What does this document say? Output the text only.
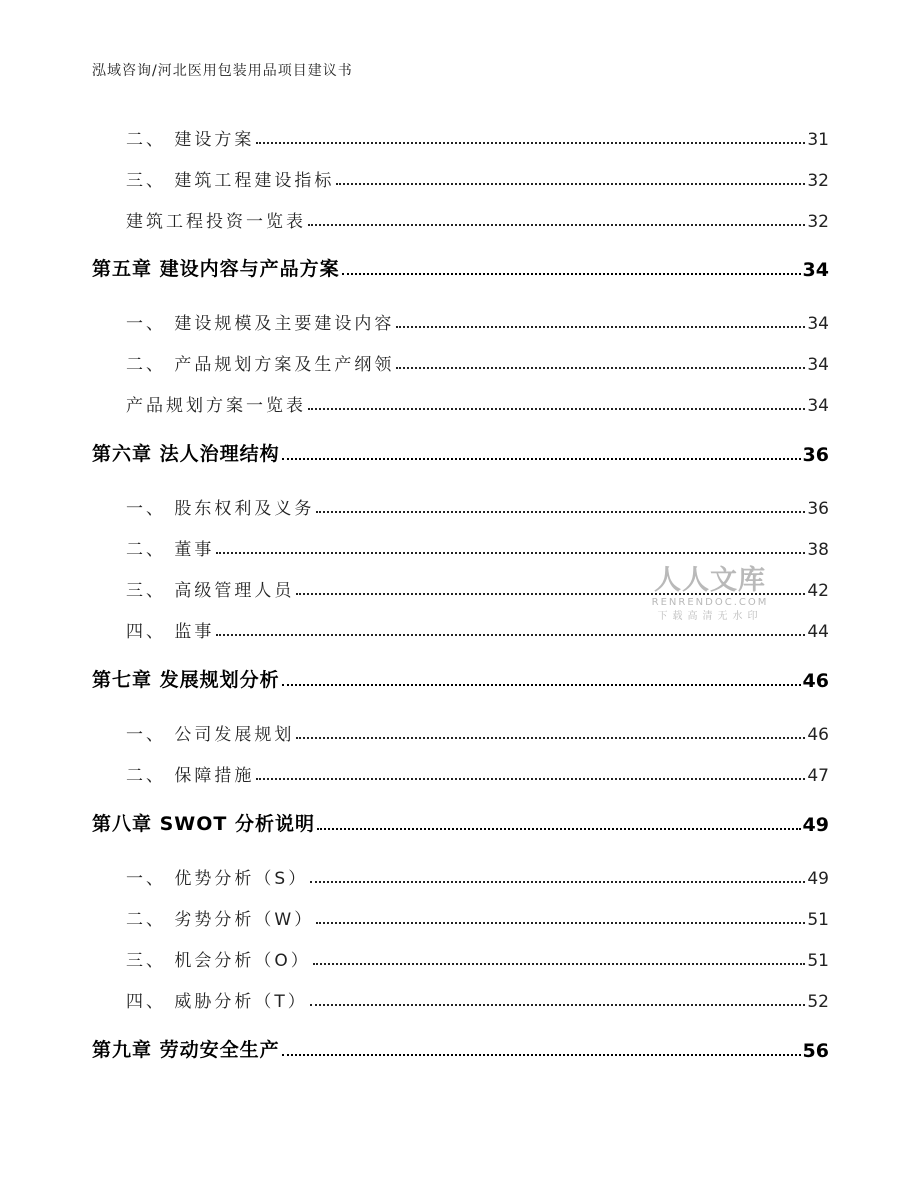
泓域咨询/河北医用包装用品项目建议书
二、 建设方案	31
三、 建筑工程建设指标	32
建筑工程投资一览表	32
第五章 建设内容与产品方案	34
一、 建设规模及主要建设内容	34
二、 产品规划方案及生产纲领	34
产品规划方案一览表	34
第六章 法人治理结构	36
一、 股东权利及义务	36
二、 董事	38
三、 高级管理人员	42
四、 监事	44
第七章 发展规划分析	46
一、 公司发展规划	46
二、 保障措施	47
第八章 SWOT 分析说明	49
一、 优势分析（S）	49
二、 劣势分析（W）	51
三、 机会分析（O）	51
四、 威胁分析（T）	52
第九章 劳动安全生产	56
人人文库
RENRENDOC.COM
下载高清无水印
